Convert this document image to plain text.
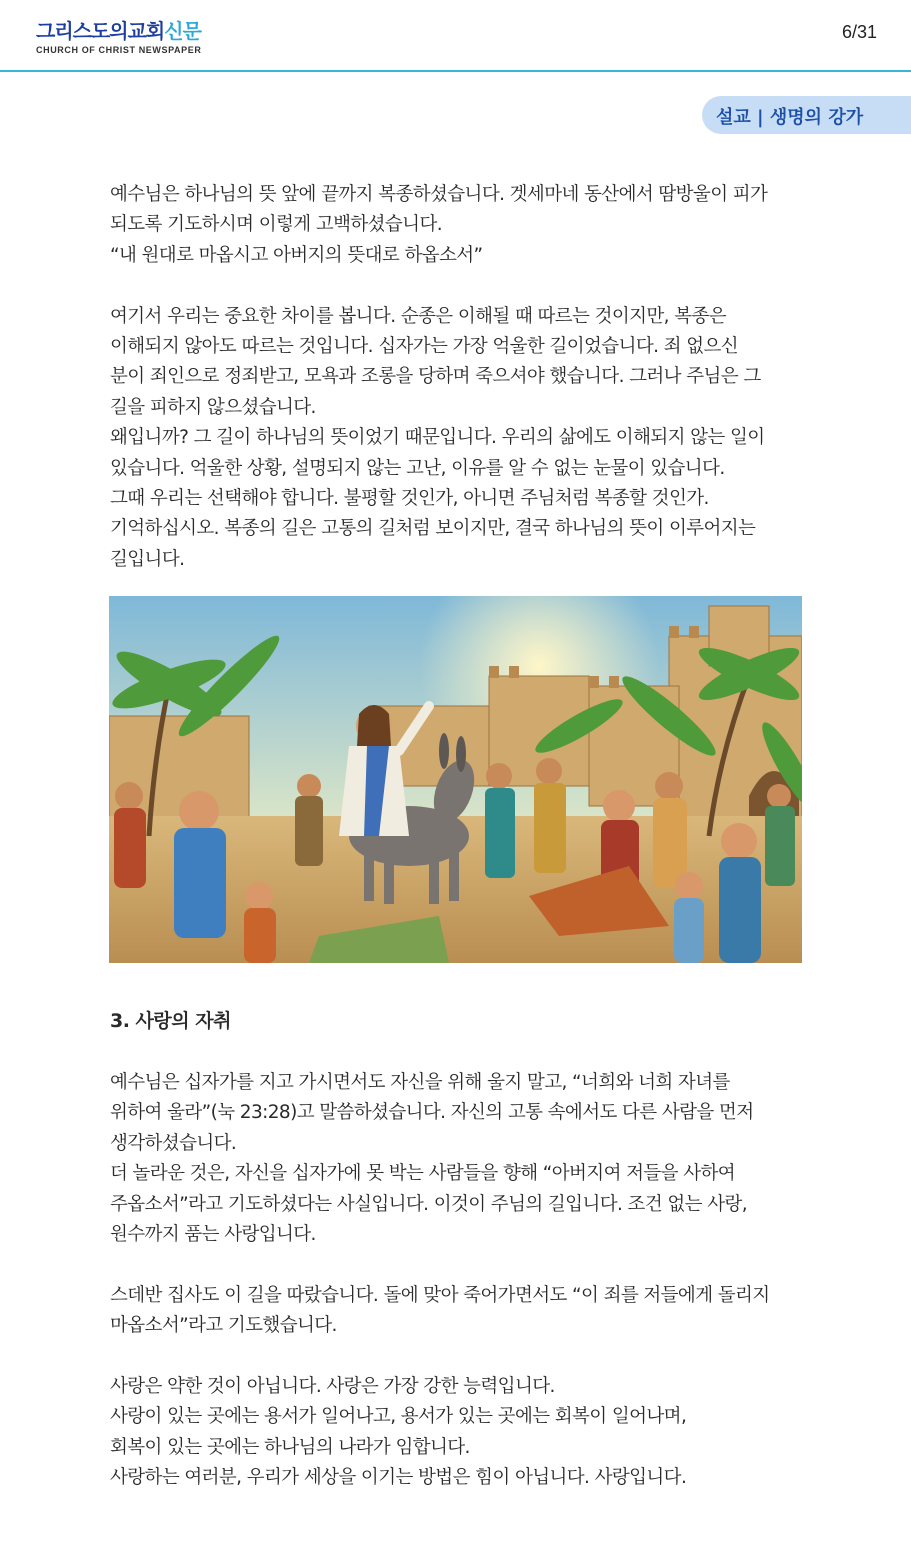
그리스도의교회신문
CHURCH OF CHRIST NEWSPAPER
6/31
설교 | 생명의 강가

예수님은 하나님의 뜻 앞에 끝까지 복종하셨습니다. 겟세마네 동산에서 땀방울이 피가
되도록 기도하시며 이렇게 고백하셨습니다.
“내 원대로 마옵시고 아버지의 뜻대로 하옵소서”

여기서 우리는 중요한 차이를 봅니다. 순종은 이해될 때 따르는 것이지만, 복종은
이해되지 않아도 따르는 것입니다. 십자가는 가장 억울한 길이었습니다. 죄 없으신
분이 죄인으로 정죄받고, 모욕과 조롱을 당하며 죽으셔야 했습니다. 그러나 주님은 그
길을 피하지 않으셨습니다.
왜입니까? 그 길이 하나님의 뜻이었기 때문입니다. 우리의 삶에도 이해되지 않는 일이
있습니다. 억울한 상황, 설명되지 않는 고난, 이유를 알 수 없는 눈물이 있습니다.
그때 우리는 선택해야 합니다. 불평할 것인가, 아니면 주님처럼 복종할 것인가.
기억하십시오. 복종의 길은 고통의 길처럼 보이지만, 결국 하나님의 뜻이 이루어지는
길입니다.

3. 사랑의 자취

예수님은 십자가를 지고 가시면서도 자신을 위해 울지 말고, “너희와 너희 자녀를
위하여 울라”(눅 23:28)고 말씀하셨습니다. 자신의 고통 속에서도 다른 사람을 먼저
생각하셨습니다.
더 놀라운 것은, 자신을 십자가에 못 박는 사람들을 향해 “아버지여 저들을 사하여
주옵소서”라고 기도하셨다는 사실입니다. 이것이 주님의 길입니다. 조건 없는 사랑,
원수까지 품는 사랑입니다.

스데반 집사도 이 길을 따랐습니다. 돌에 맞아 죽어가면서도 “이 죄를 저들에게 돌리지
마옵소서”라고 기도했습니다.

사랑은 약한 것이 아닙니다. 사랑은 가장 강한 능력입니다.
사랑이 있는 곳에는 용서가 일어나고, 용서가 있는 곳에는 회복이 일어나며,
회복이 있는 곳에는 하나님의 나라가 임합니다.
사랑하는 여러분, 우리가 세상을 이기는 방법은 힘이 아닙니다. 사랑입니다.
